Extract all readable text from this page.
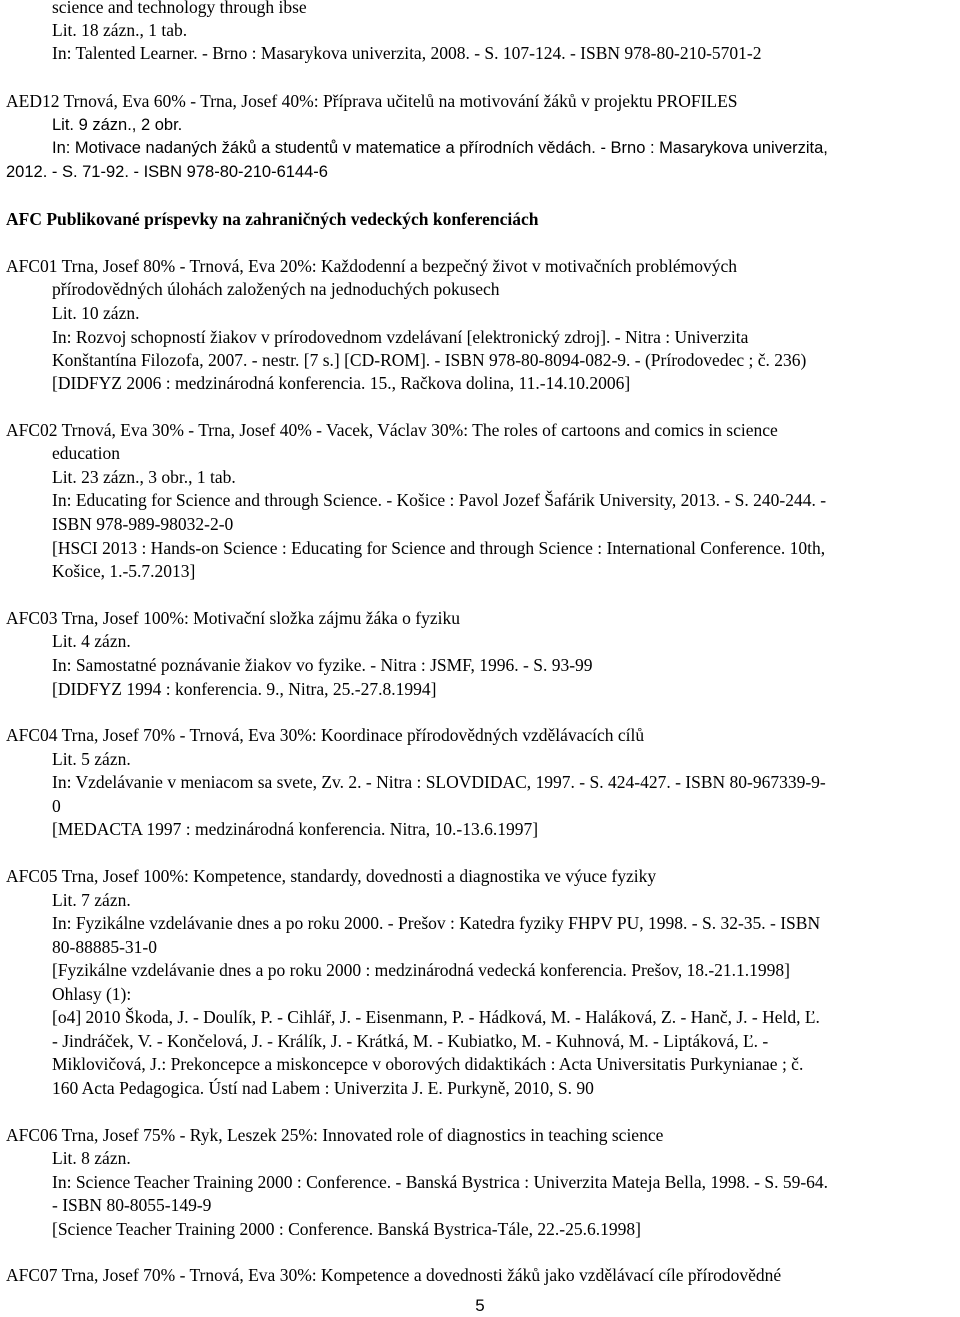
science and technology through ibse
Lit. 18 zázn., 1 tab.
In: Talented Learner. - Brno : Masarykova univerzita, 2008. - S. 107-124. - ISBN 978-80-210-5701-2
AED12 Trnová, Eva 60% - Trna, Josef 40%: Příprava učitelů na motivování žáků v projektu PROFILES
Lit. 9 zázn., 2 obr.
In: Motivace nadaných žáků a studentů v matematice a přírodních vědách. - Brno : Masarykova univerzita,
2012. - S. 71-92. - ISBN 978-80-210-6144-6
AFC Publikované príspevky na zahraničných vedeckých konferenciách
AFC01 Trna, Josef 80% - Trnová, Eva 20%: Každodenní a bezpečný život v motivačních problémových
přírodovědných úlohách založených na jednoduchých pokusech
Lit. 10 zázn.
In: Rozvoj schopností žiakov v prírodovednom vzdelávaní [elektronický zdroj]. - Nitra : Univerzita
Konštantína Filozofa, 2007. - nestr. [7 s.] [CD-ROM]. - ISBN 978-80-8094-082-9. - (Prírodovedec ; č. 236)
[DIDFYZ 2006 : medzinárodná konferencia. 15., Račkova dolina, 11.-14.10.2006]
AFC02 Trnová, Eva 30% - Trna, Josef 40% - Vacek, Václav 30%: The roles of cartoons and comics in science
education
Lit. 23 zázn., 3 obr., 1 tab.
In: Educating for Science and through Science. - Košice : Pavol Jozef Šafárik University, 2013. - S. 240-244. -
ISBN 978-989-98032-2-0
[HSCI 2013 : Hands-on Science : Educating for Science and through Science : International Conference. 10th,
Košice, 1.-5.7.2013]
AFC03 Trna, Josef 100%: Motivační složka zájmu žáka o fyziku
Lit. 4 zázn.
In: Samostatné poznávanie žiakov vo fyzike. - Nitra : JSMF, 1996. - S. 93-99
[DIDFYZ 1994 : konferencia. 9., Nitra, 25.-27.8.1994]
AFC04 Trna, Josef 70% - Trnová, Eva 30%: Koordinace přírodovědných vzdělávacích cílů
Lit. 5 zázn.
In: Vzdelávanie v meniacom sa svete, Zv. 2. - Nitra : SLOVDIDAC, 1997. - S. 424-427. - ISBN 80-967339-9-
0
[MEDACTA 1997 : medzinárodná konferencia. Nitra, 10.-13.6.1997]
AFC05 Trna, Josef 100%: Kompetence, standardy, dovednosti a diagnostika ve výuce fyziky
Lit. 7 zázn.
In: Fyzikálne vzdelávanie dnes a po roku 2000. - Prešov : Katedra fyziky FHPV PU, 1998. - S. 32-35. - ISBN
80-88885-31-0
[Fyzikálne vzdelávanie dnes a po roku 2000 : medzinárodná vedecká konferencia. Prešov, 18.-21.1.1998]
Ohlasy (1):
[o4] 2010 Škoda, J. - Doulík, P. - Cihlář, J. - Eisenmann, P. - Hádková, M. - Haláková, Z. - Hanč, J. - Held, Ľ.
- Jindráček, V. - Končelová, J. - Králík, J. - Krátká, M. - Kubiatko, M. - Kuhnová, M. - Liptáková, Ľ. -
Miklovičová, J.: Prekoncepce a miskoncepce v oborových didaktikách : Acta Universitatis Purkynianae ; č.
160 Acta Pedagogica. Ústí nad Labem : Univerzita J. E. Purkyně, 2010, S. 90
AFC06 Trna, Josef 75% - Ryk, Leszek 25%: Innovated role of diagnostics in teaching science
Lit. 8 zázn.
In: Science Teacher Training 2000 : Conference. - Banská Bystrica : Univerzita Mateja Bella, 1998. - S. 59-64.
- ISBN 80-8055-149-9
[Science Teacher Training 2000 : Conference. Banská Bystrica-Tále, 22.-25.6.1998]
AFC07 Trna, Josef 70% - Trnová, Eva 30%: Kompetence a dovednosti žáků jako vzdělávací cíle přírodovědné
5
